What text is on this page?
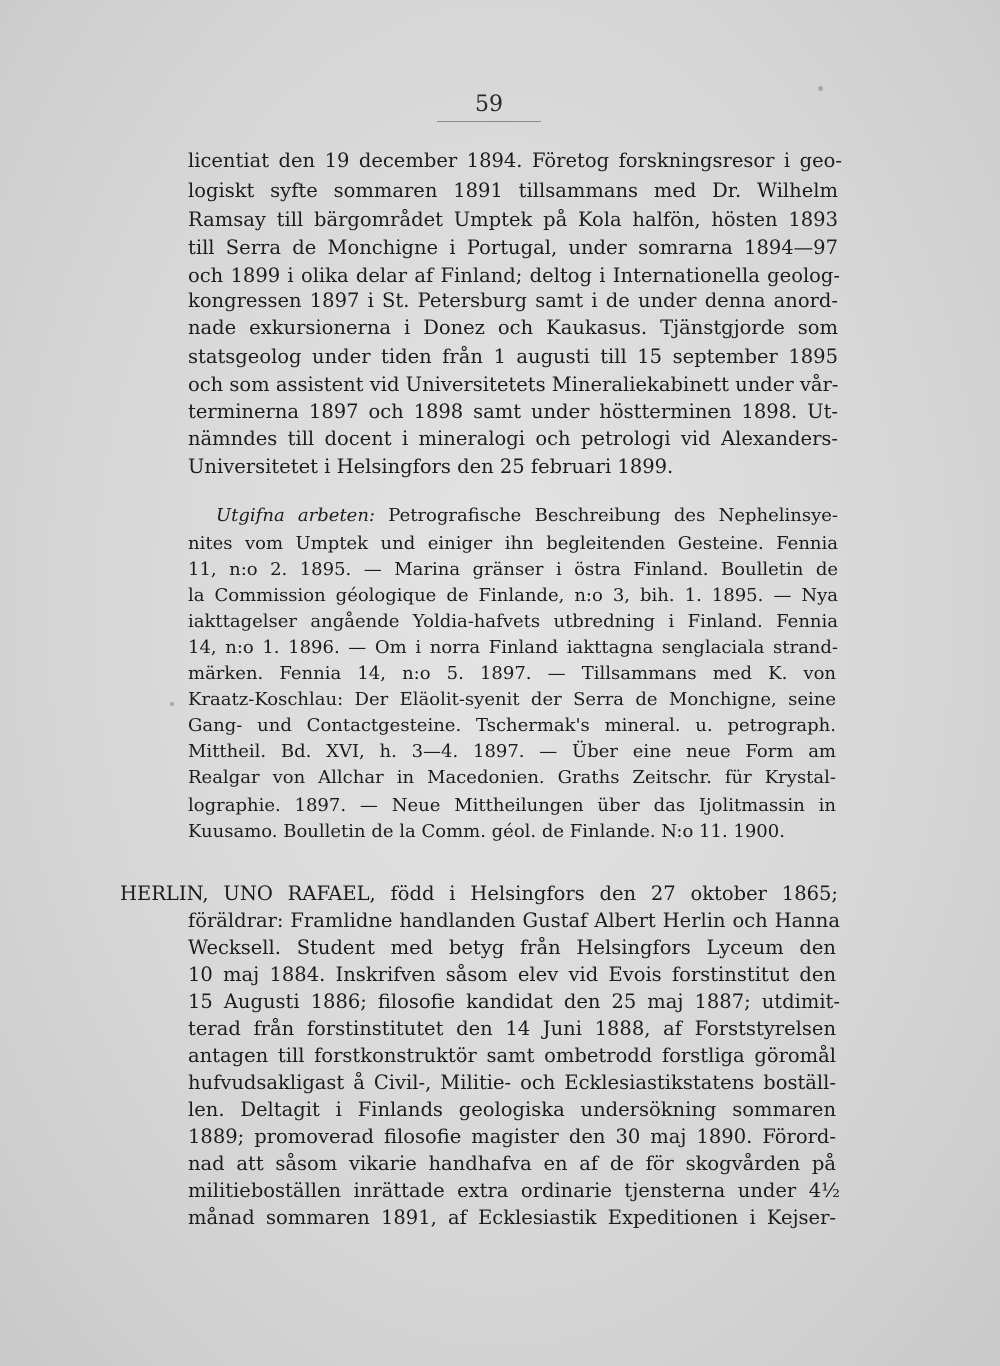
59
licentiat den 19 december 1894. Företog forskningsresor i geo-
logiskt syfte sommaren 1891 tillsammans med Dr. Wilhelm
Ramsay till bärgområdet Umptek på Kola halfön, hösten 1893
till Serra de Monchigne i Portugal, under somrarna 1894—97
och 1899 i olika delar af Finland; deltog i Internationella geolog-
kongressen 1897 i St. Petersburg samt i de under denna anord-
nade exkursionerna i Donez och Kaukasus. Tjänstgjorde som
statsgeolog under tiden från 1 augusti till 15 september 1895
och som assistent vid Universitetets Mineraliekabinett under vår-
terminerna 1897 och 1898 samt under höstterminen 1898. Ut-
nämndes till docent i mineralogi och petrologi vid Alexanders-
Universitetet i Helsingfors den 25 februari 1899.
Utgifna arbeten: Petrografische Beschreibung des Nephelinsye-
nites vom Umptek und einiger ihn begleitenden Gesteine. Fennia
11, n:o 2. 1895. — Marina gränser i östra Finland. Boulletin de
la Commission géologique de Finlande, n:o 3, bih. 1. 1895. — Nya
iakttagelser angående Yoldia-hafvets utbredning i Finland. Fennia
14, n:o 1. 1896. — Om i norra Finland iakttagna senglaciala strand-
märken. Fennia 14, n:o 5. 1897. — Tillsammans med K. von
Kraatz-Koschlau: Der Eläolit-syenit der Serra de Monchigne, seine
Gang- und Contactgesteine. Tschermak's mineral. u. petrograph.
Mittheil. Bd. XVI, h. 3—4. 1897. — Über eine neue Form am
Realgar von Allchar in Macedonien. Graths Zeitschr. für Krystal-
lographie. 1897. — Neue Mittheilungen über das Ijolitmassin in
Kuusamo. Boulletin de la Comm. géol. de Finlande. N:o 11. 1900.
HERLIN, UNO RAFAEL, född i Helsingfors den 27 oktober 1865;
föräldrar: Framlidne handlanden Gustaf Albert Herlin och Hanna
Wecksell. Student med betyg från Helsingfors Lyceum den
10 maj 1884. Inskrifven såsom elev vid Evois forstinstitut den
15 Augusti 1886; filosofie kandidat den 25 maj 1887; utdimit-
terad från forstinstitutet den 14 Juni 1888, af Forststyrelsen
antagen till forstkonstruktör samt ombetrodd forstliga göromål
hufvudsakligast å Civil-, Militie- och Ecklesiastikstatens boställ-
len. Deltagit i Finlands geologiska undersökning sommaren
1889; promoverad filosofie magister den 30 maj 1890. Förord-
nad att såsom vikarie handhafva en af de för skogvården på
militieboställen inrättade extra ordinarie tjensterna under 4½
månad sommaren 1891, af Ecklesiastik Expeditionen i Kejser-
